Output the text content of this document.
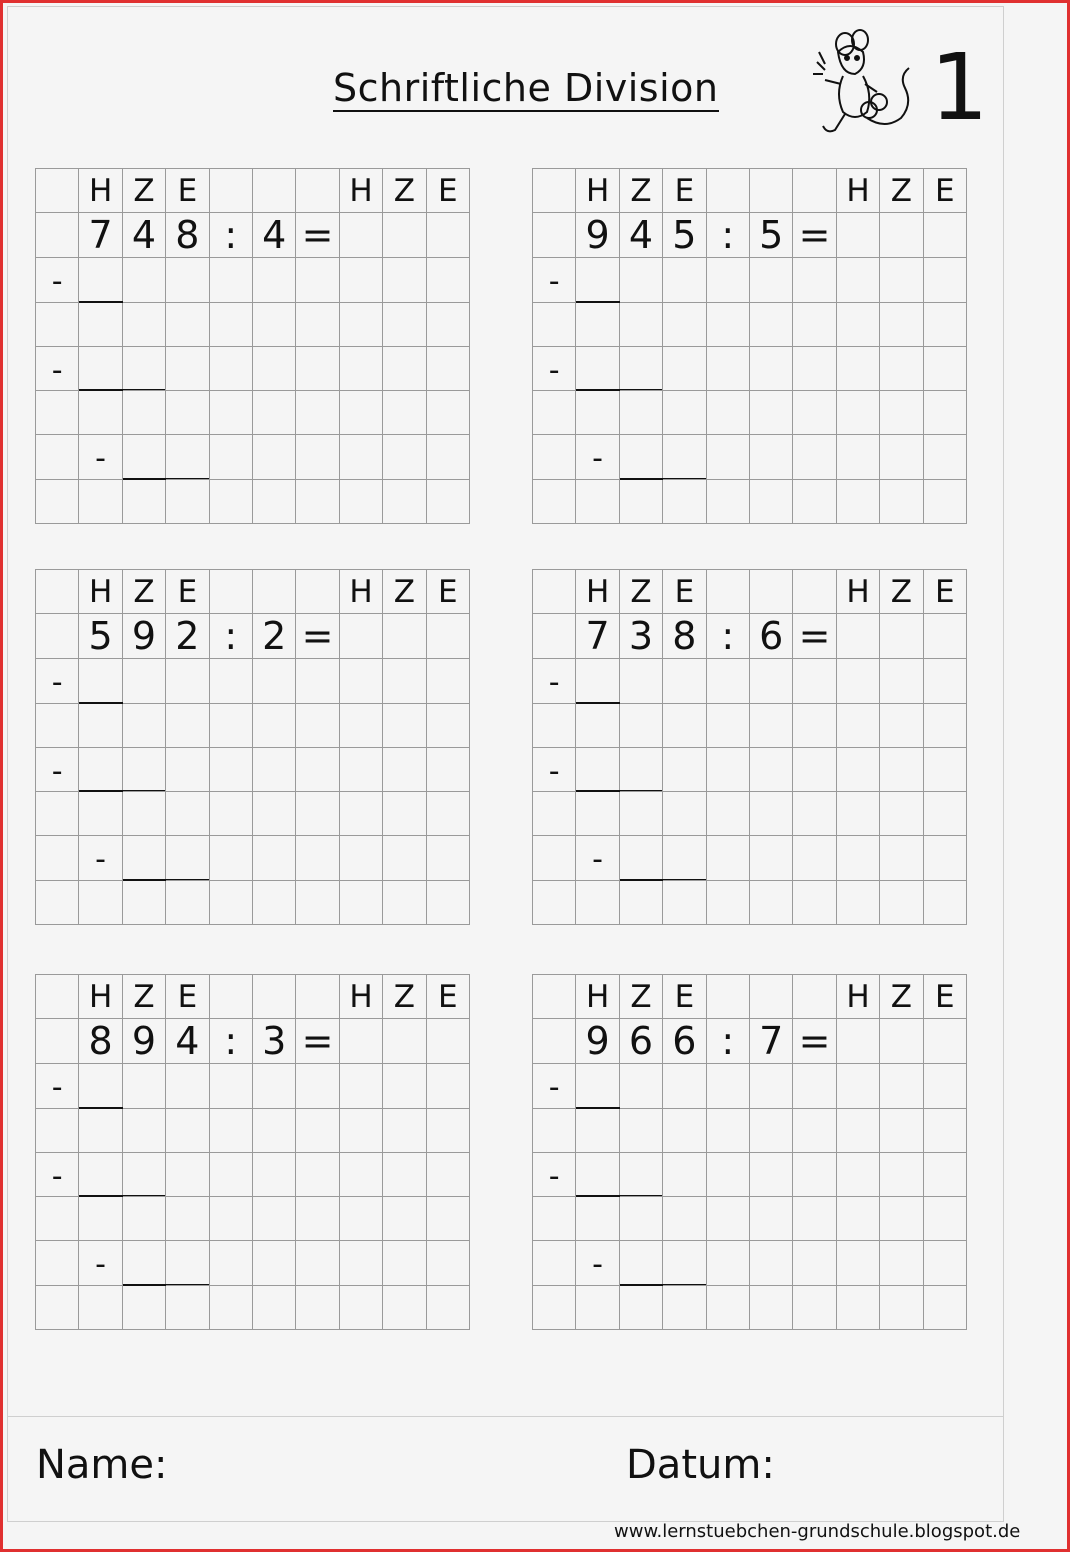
Schriftliche Division 1
H Z E	H Z E
7 4 8 : 4 =
-
-
-
H Z E	H Z E
9 4 5 : 5 =
-
-
-
H Z E	H Z E
5 9 2 : 2 =
-
-
-
H Z E	H Z E
7 3 8 : 6 =
-
-
-
H Z E	H Z E
8 9 4 : 3 =
-
-
-
H Z E	H Z E
9 6 6 : 7 =
-
-
-
Name:	Datum:
www.lernstuebchen-grundschule.blogspot.de
